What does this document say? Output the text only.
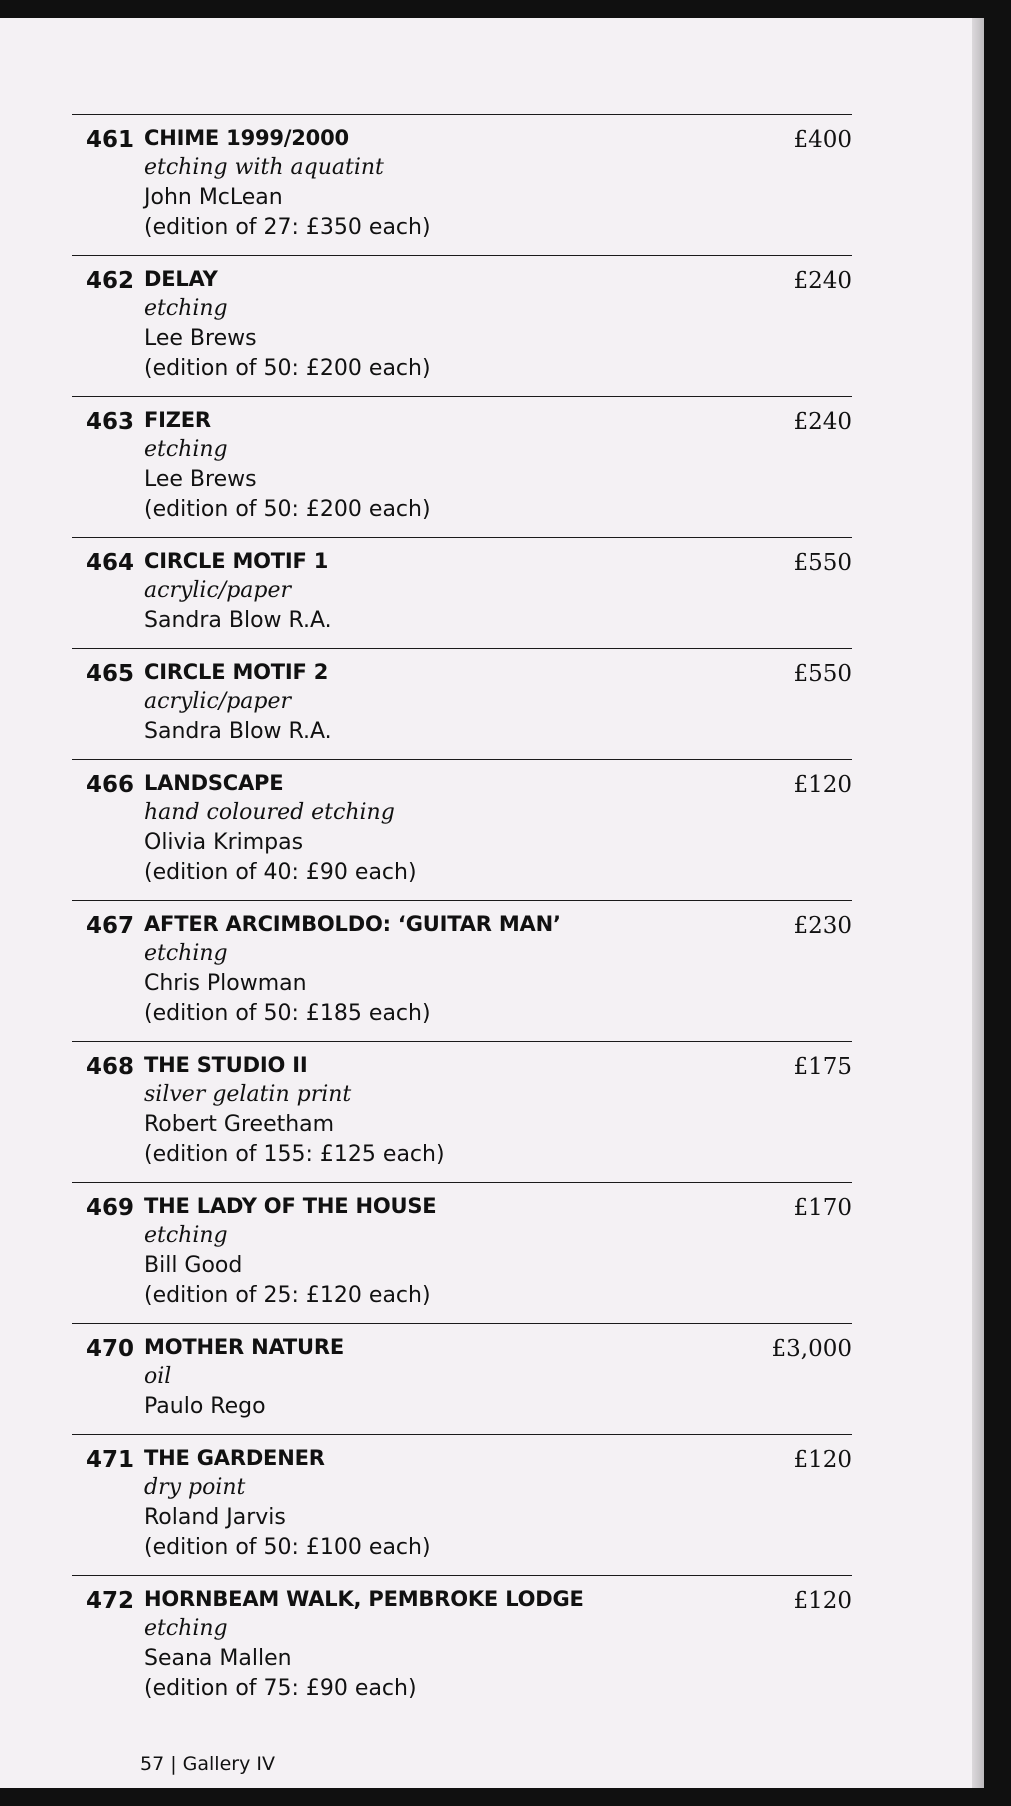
461 CHIME 1999/2000
etching with aquatint
John McLean
(edition of 27: £350 each)
£400
462 DELAY
etching
Lee Brews
(edition of 50: £200 each)
£240
463 FIZER
etching
Lee Brews
(edition of 50: £200 each)
£240
464 CIRCLE MOTIF 1
acrylic/paper
Sandra Blow R.A.
£550
465 CIRCLE MOTIF 2
acrylic/paper
Sandra Blow R.A.
£550
466 LANDSCAPE
hand coloured etching
Olivia Krimpas
(edition of 40: £90 each)
£120
467 AFTER ARCIMBOLDO: ‘GUITAR MAN’
etching
Chris Plowman
(edition of 50: £185 each)
£230
468 THE STUDIO II
silver gelatin print
Robert Greetham
(edition of 155: £125 each)
£175
469 THE LADY OF THE HOUSE
etching
Bill Good
(edition of 25: £120 each)
£170
470 MOTHER NATURE
oil
Paulo Rego
£3,000
471 THE GARDENER
dry point
Roland Jarvis
(edition of 50: £100 each)
£120
472 HORNBEAM WALK, PEMBROKE LODGE
etching
Seana Mallen
(edition of 75: £90 each)
£120
57 | Gallery IV
